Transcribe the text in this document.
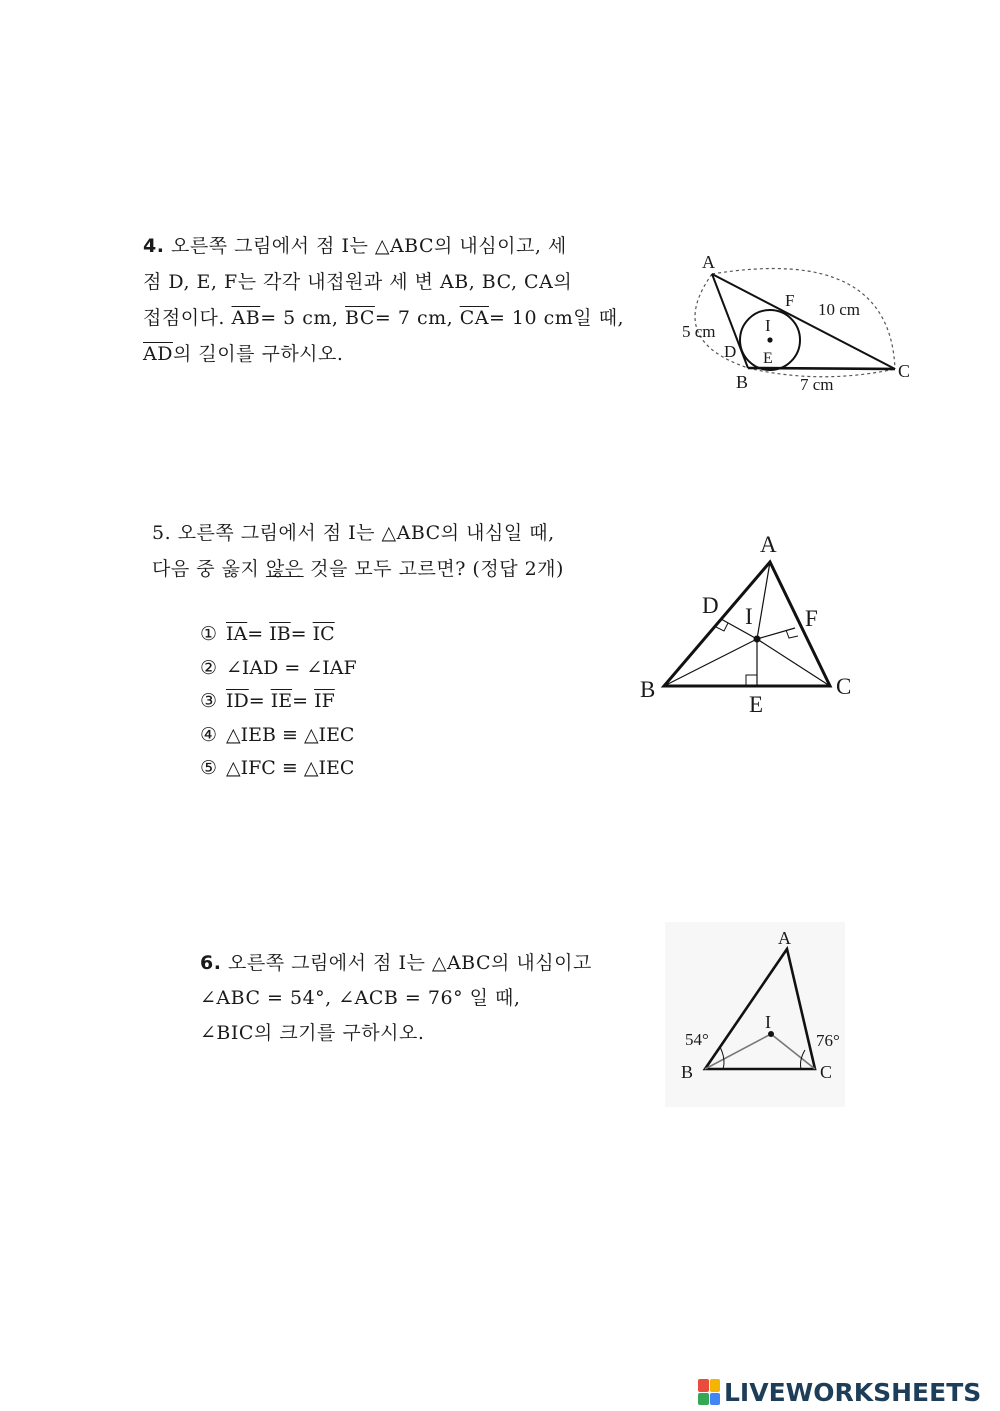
4. 오른쪽 그림에서 점 I는 △ABC의 내심이고, 세
점 D, E, F는 각각 내접원과 세 변 AB, BC, CA의
접점이다. $\overline{AB}= 5$ cm, $\overline{BC}= 7$ cm, $\overline{CA}= 10$ cm일 때,
$\overline{AD}$의 길이를 구하시오.
A
B
C
D E
F
I
5 cm
7 cm
10 cm
5. 오른쪽 그림에서 점 I는 △ABC의 내심일 때,
다음 중 옳지 않은 것을 모두 고르면? (정답 2개)
① $\overline{IA}= \overline{IB}= \overline{IC}$
② ∠IAD = ∠IAF
③ $\overline{ID}= \overline{IE}= \overline{IF}$
④ △IEB ≡ △IEC
⑤ △IFC ≡ △IEC
A
B	C
D
E
F
I
6. 오른쪽 그림에서 점 I는 △ABC의 내심이고
∠ABC = 54°, ∠ACB = 76° 일 때,
∠BIC의 크기를 구하시오.
A
B	C
I
54°	76°
LIVEWORKSHEETS
